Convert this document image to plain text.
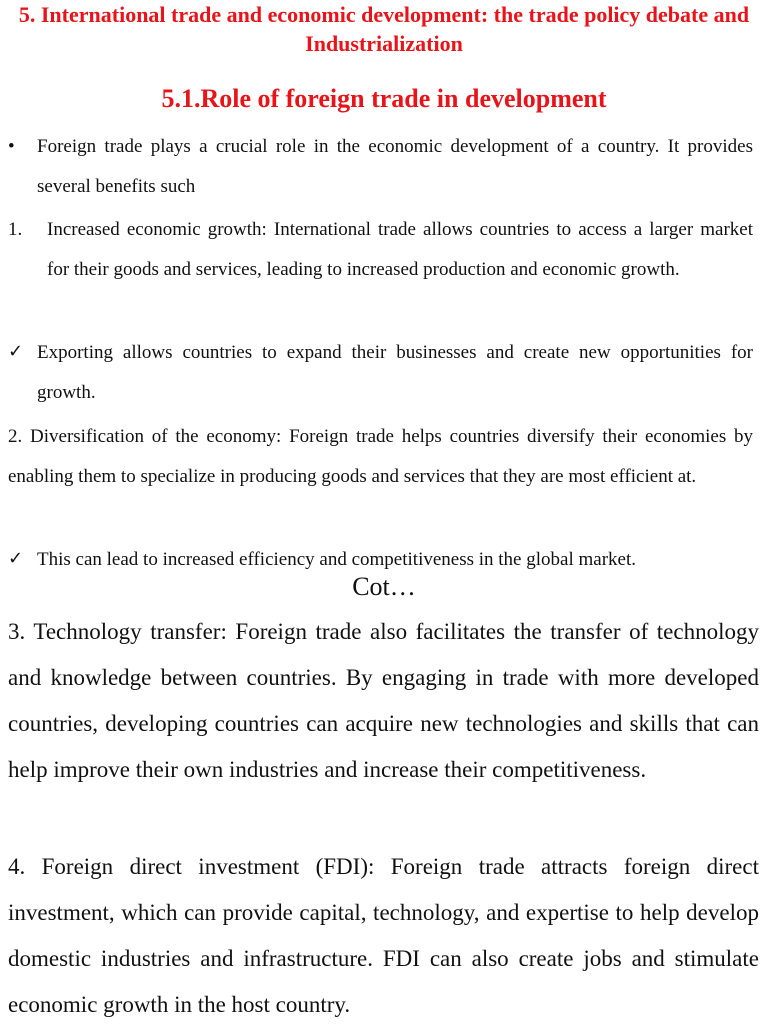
5. International trade and economic development: the trade policy debate and Industrialization
5.1.Role of foreign trade in development
• Foreign trade plays a crucial role in the economic development of a country. It provides several benefits such
1. Increased economic growth: International trade allows countries to access a larger market for their goods and services, leading to increased production and economic growth.
✓ Exporting allows countries to expand their businesses and create new opportunities for growth.
2. Diversification of the economy: Foreign trade helps countries diversify their economies by enabling them to specialize in producing goods and services that they are most efficient at.
✓ This can lead to increased efficiency and competitiveness in the global market.
Cot…
3. Technology transfer: Foreign trade also facilitates the transfer of technology and knowledge between countries. By engaging in trade with more developed countries, developing countries can acquire new technologies and skills that can help improve their own industries and increase their competitiveness.
4. Foreign direct investment (FDI): Foreign trade attracts foreign direct investment, which can provide capital, technology, and expertise to help develop domestic industries and infrastructure. FDI can also create jobs and stimulate economic growth in the host country.
